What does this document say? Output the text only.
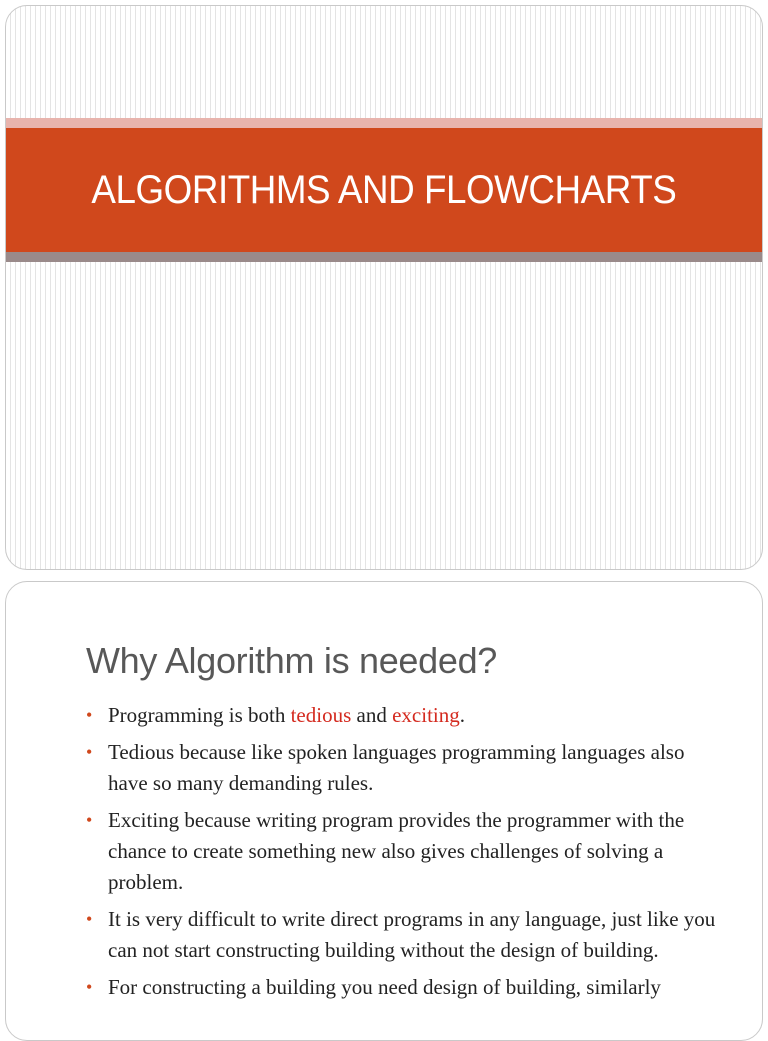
ALGORITHMS AND FLOWCHARTS
Why Algorithm is needed?
• Programming is both tedious and exciting.
• Tedious because like spoken languages programming languages also have so many demanding rules.
• Exciting because writing program provides the programmer with the chance to create something new also gives challenges of solving a problem.
• It is very difficult to write direct programs in any language, just like you can not start constructing building without the design of building.
• For constructing a building you need design of building, similarly
